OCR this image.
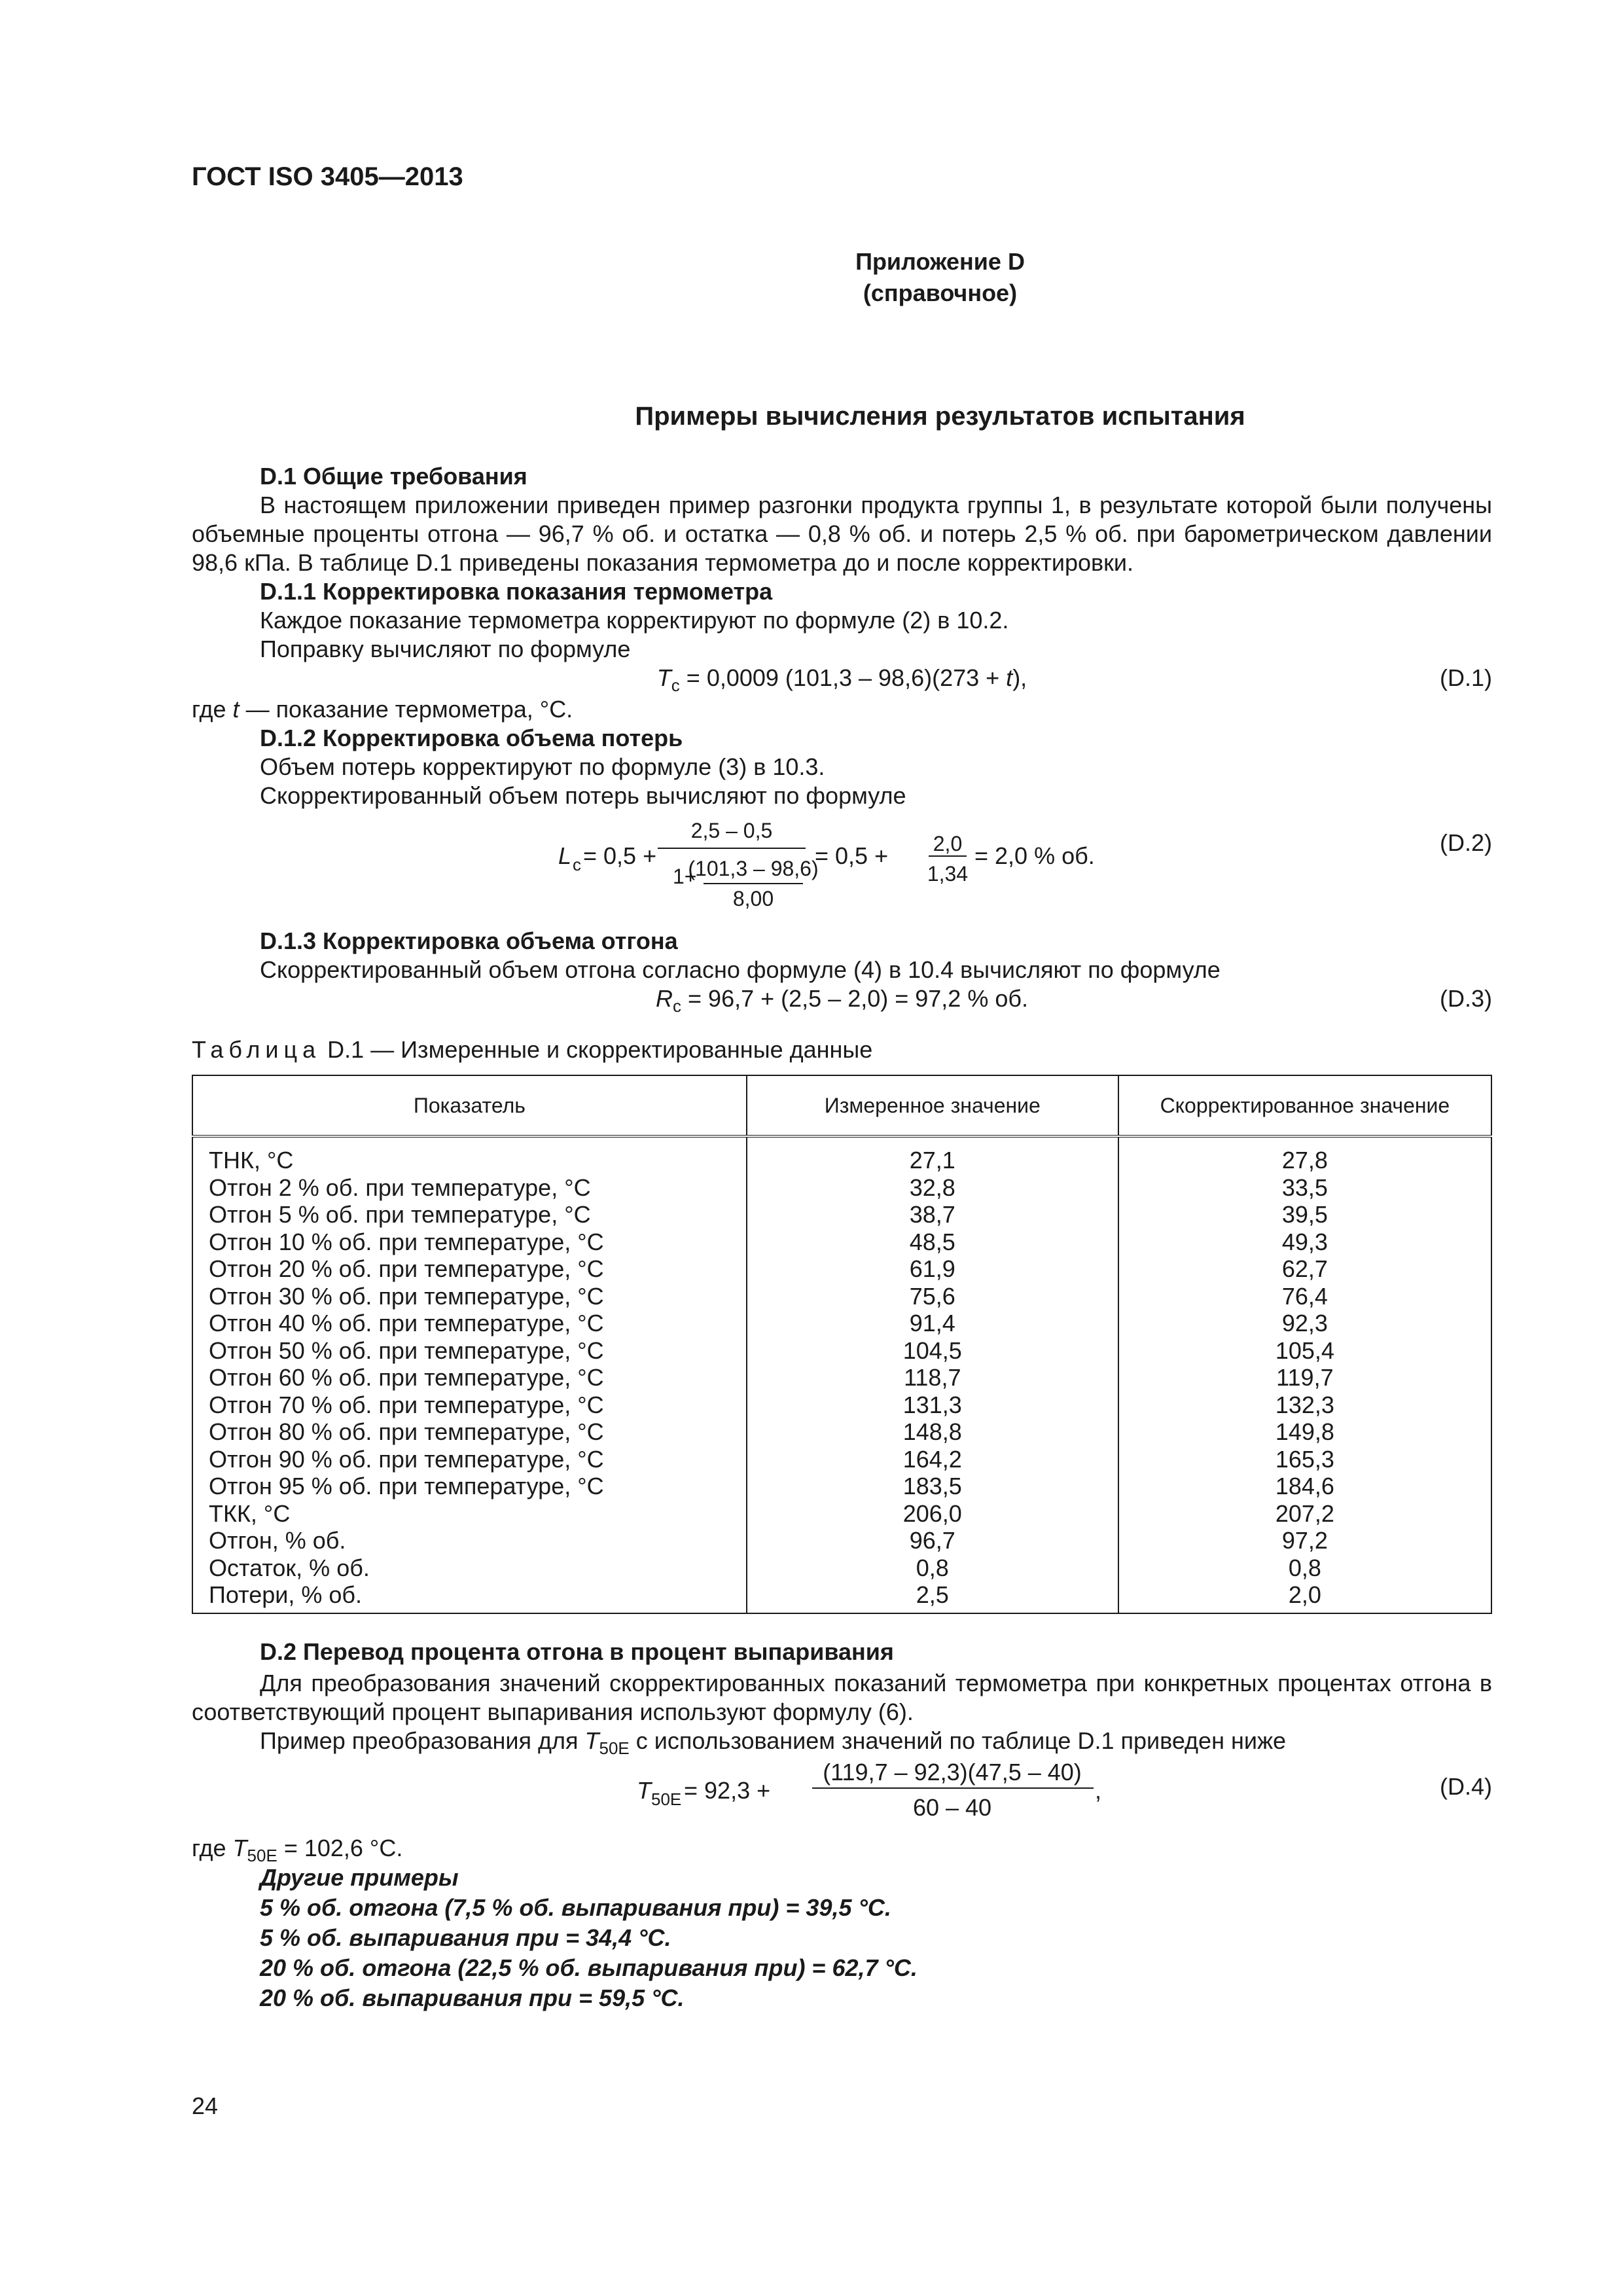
ГОСТ ISO 3405—2013
Приложение D
(справочное)
Примеры вычисления результатов испытания

D.1 Общие требования

В настоящем приложении приведен пример разгонки продукта группы 1, в результате которой были получены объемные проценты отгона — 96,7 % об. и остатка — 0,8 % об. и потерь 2,5 % об. при барометрическом давлении 98,6 кПа. В таблице D.1 приведены показания термометра до и после корректировки.

D.1.1 Корректировка показания термометра

Каждое показание термометра корректируют по формуле (2) в 10.2.

Поправку вычисляют по формуле

$T_c = 0,0009$ (101,3 – 98,6)(273 + t),	(D.1)

где t — показание термометра, °С.

D.1.2 Корректировка объема потерь

Объем потерь корректируют по формуле (3) в 10.3.

Скорректированный объем потерь вычисляют по формуле

L c = 0,5 +
2,5 – 0,5
1+
(101,3 – 98,6)
8,00
= 0,5 + 2,0
1,34
= 2,0 % об.	(D.2)

D.1.3 Корректировка объема отгона

Скорректированный объем отгона согласно формуле (4) в 10.4 вычисляют по формуле

$R_c = 96,7 + (2,5 - 2,0) = 97,2$ % об.	(D.3)

Таблица D.1 — Измеренные и скорректированные данные

Показатель	Измеренное значение	Скорректированное значение
ТНК, °С	27,1	27,8
Отгон 2 % об. при температуре, °С	32,8	33,5
Отгон 5 % об. при температуре, °С	38,7	39,5
Отгон 10 % об. при температуре, °С	48,5	49,3
Отгон 20 % об. при температуре, °С	61,9	62,7
Отгон 30 % об. при температуре, °С	75,6	76,4
Отгон 40 % об. при температуре, °С	91,4	92,3
Отгон 50 % об. при температуре, °С	104,5	105,4
Отгон 60 % об. при температуре, °С	118,7	119,7
Отгон 70 % об. при температуре, °С	131,3	132,3
Отгон 80 % об. при температуре, °С	148,8	149,8
Отгон 90 % об. при температуре, °С	164,2	165,3
Отгон 95 % об. при температуре, °С	183,5	184,6
ТКК, °С	206,0	207,2
Отгон, % об.	96,7	97,2
Остаток, % об.	0,8	0,8
Потери, % об.	2,5	2,0

D.2 Перевод процента отгона в процент выпаривания

Для преобразования значений скорректированных показаний термометра при конкретных процентах отгона в соответствующий процент выпаривания используют формулу (6).

Пример преобразования для $T_{50E}$ с использованием значений по таблице D.1 приведен ниже

T 50E = 92,3 +
(119,7 – 92,3)(47,5 – 40)
60 – 40
,	(D.4)

где $T_{50E} = 102,6$ °С.

Другие примеры

5 % об. отгона (7,5 % об. выпаривания при) = 39,5 °С.

5 % об. выпаривания при = 34,4 °С.

20 % об. отгона (22,5 % об. выпаривания при) = 62,7 °С.

20 % об. выпаривания при = 59,5 °С.

24
